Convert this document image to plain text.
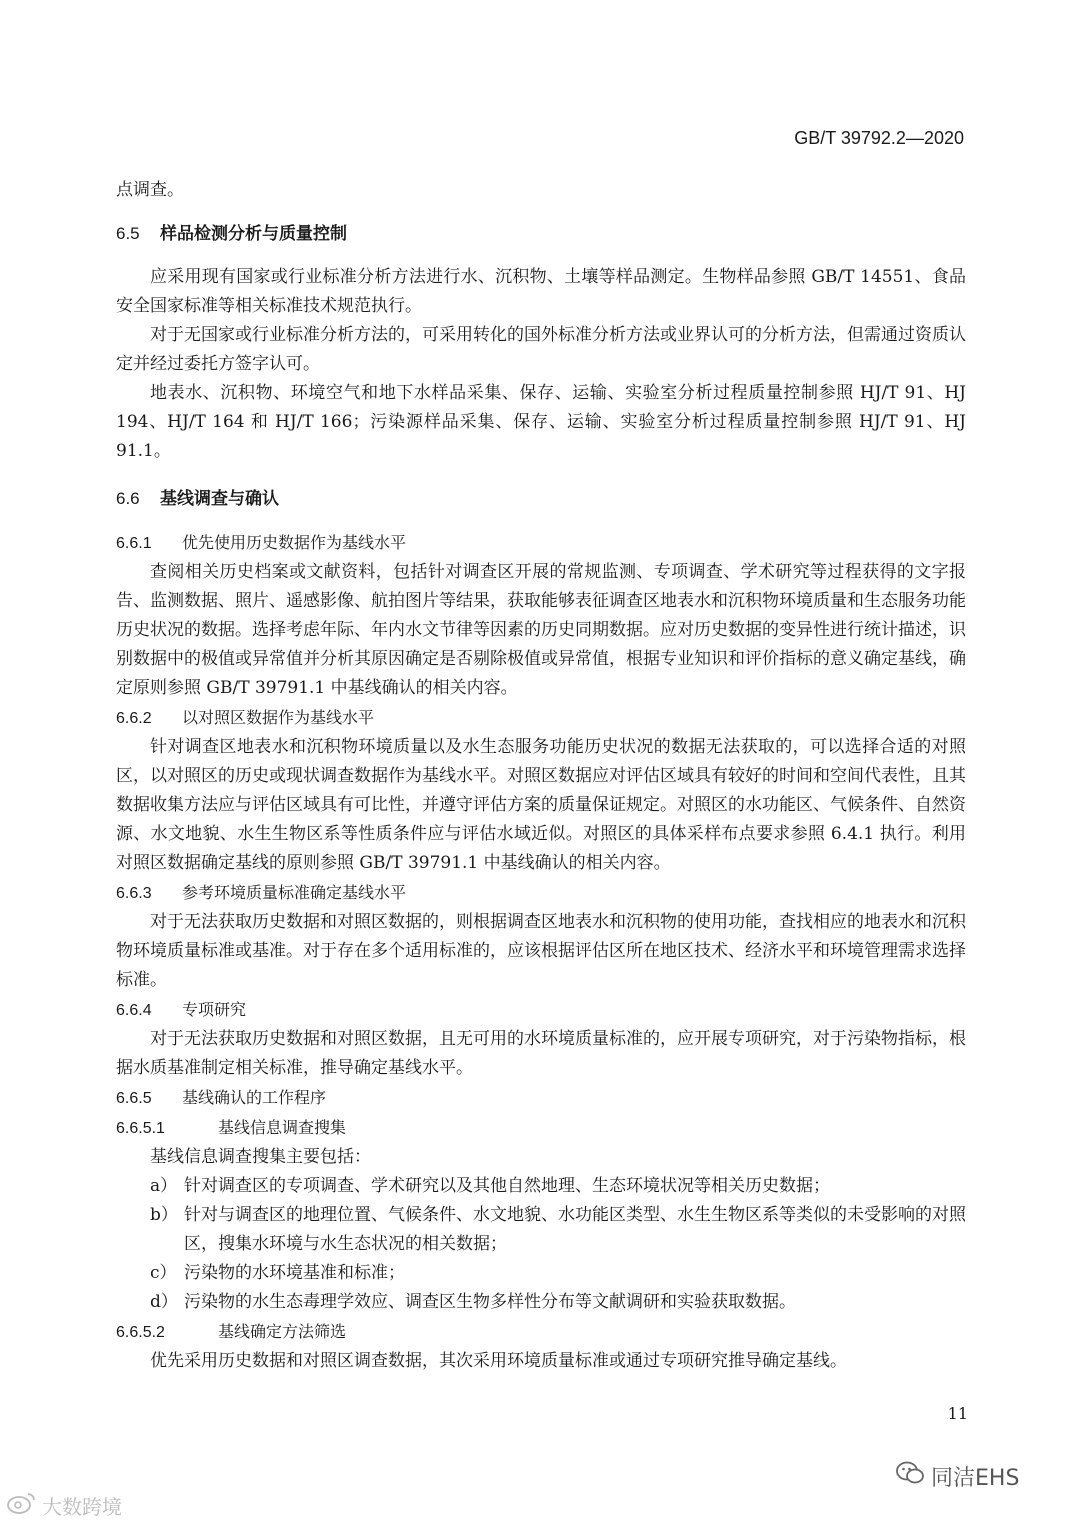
GB/T 39792.2—2020

点调查。

6.5 样品检测分析与质量控制

应采用现有国家或行业标准分析方法进行水、沉积物、土壤等样品测定。生物样品参照 GB/T 14551、食品安全国家标准等相关标准技术规范执行。

对于无国家或行业标准分析方法的，可采用转化的国外标准分析方法或业界认可的分析方法，但需通过资质认定并经过委托方签字认可。

地表水、沉积物、环境空气和地下水样品采集、保存、运输、实验室分析过程质量控制参照 HJ/T 91、HJ 194、HJ/T 164 和 HJ/T 166；污染源样品采集、保存、运输、实验室分析过程质量控制参照 HJ/T 91、HJ 91.1。

6.6 基线调查与确认
6.6.1 优先使用历史数据作为基线水平

查阅相关历史档案或文献资料，包括针对调查区开展的常规监测、专项调查、学术研究等过程获得的文字报告、监测数据、照片、遥感影像、航拍图片等结果，获取能够表征调查区地表水和沉积物环境质量和生态服务功能历史状况的数据。选择考虑年际、年内水文节律等因素的历史同期数据。应对历史数据的变异性进行统计描述，识别数据中的极值或异常值并分析其原因确定是否剔除极值或异常值，根据专业知识和评价指标的意义确定基线，确定原则参照 GB/T 39791.1 中基线确认的相关内容。

6.6.2 以对照区数据作为基线水平

针对调查区地表水和沉积物环境质量以及水生态服务功能历史状况的数据无法获取的，可以选择合适的对照区，以对照区的历史或现状调查数据作为基线水平。对照区数据应对评估区域具有较好的时间和空间代表性，且其数据收集方法应与评估区域具有可比性，并遵守评估方案的质量保证规定。对照区的水功能区、气候条件、自然资源、水文地貌、水生生物区系等性质条件应与评估水域近似。对照区的具体采样布点要求参照 6.4.1 执行。利用对照区数据确定基线的原则参照 GB/T 39791.1 中基线确认的相关内容。

6.6.3 参考环境质量标准确定基线水平

对于无法获取历史数据和对照区数据的，则根据调查区地表水和沉积物的使用功能，查找相应的地表水和沉积物环境质量标准或基准。对于存在多个适用标准的，应该根据评估区所在地区技术、经济水平和环境管理需求选择标准。

6.6.4 专项研究

对于无法获取历史数据和对照区数据，且无可用的水环境质量标准的，应开展专项研究，对于污染物指标，根据水质基准制定相关标准，推导确定基线水平。

6.6.5 基线确认的工作程序
6.6.5.1	基线信息调查搜集

基线信息调查搜集主要包括：

a） 针对调查区的专项调查、学术研究以及其他自然地理、生态环境状况等相关历史数据；

b） 针对与调查区的地理位置、气候条件、水文地貌、水功能区类型、水生生物区系等类似的未受影响的对照区，搜集水环境与水生态状况的相关数据；

c） 污染物的水环境基准和标准；

d） 污染物的水生态毒理学效应、调查区生物多样性分布等文献调研和实验获取数据。

6.6.5.2	基线确定方法筛选

优先采用历史数据和对照区调查数据，其次采用环境质量标准或通过专项研究推导确定基线。

11
同洁EHS
大数跨境
